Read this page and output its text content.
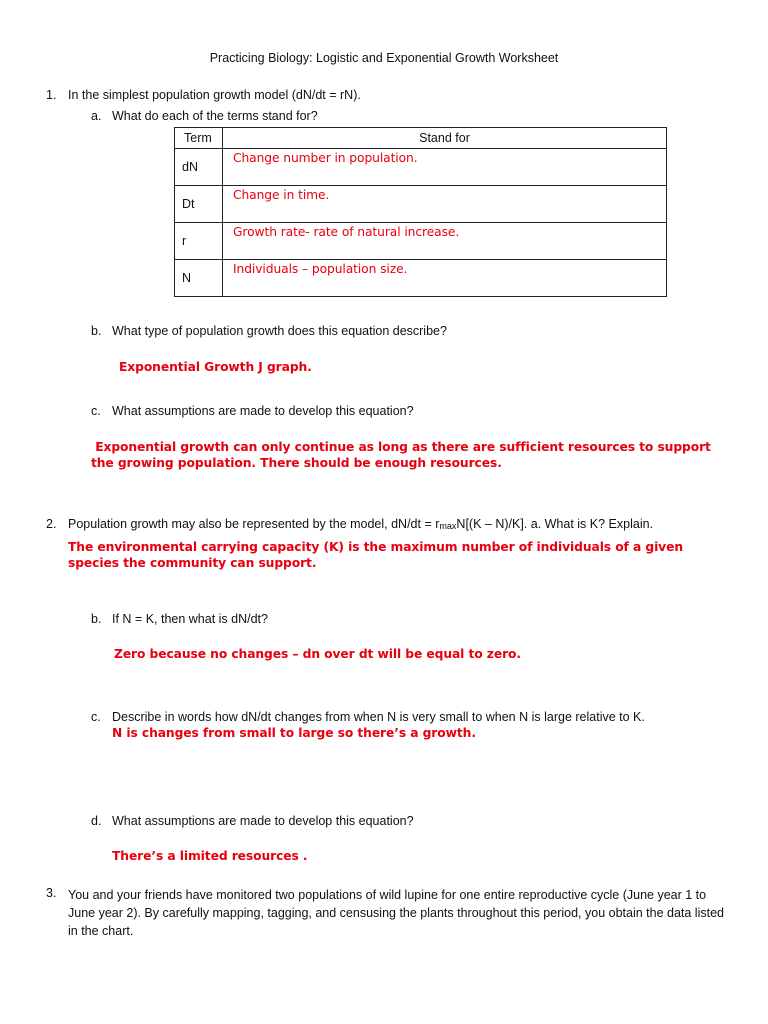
Practicing Biology: Logistic and Exponential Growth Worksheet
1. In the simplest population growth model (dN/dt = rN).
a. What do each of the terms stand for?
Term	Stand for
dN	Change number in population.
Dt	Change in time.
r	Growth rate- rate of natural increase.
N	Individuals – population size.
b. What type of population growth does this equation describe?
Exponential Growth J graph.
c. What assumptions are made to develop this equation?
Exponential growth can only continue as long as there are sufficient resources to support the growing population. There should be enough resources.
2. Population growth may also be represented by the model, $dN/dt = r_{max}N[(K - N)/K]$. a. What is K? Explain.
The environmental carrying capacity (K) is the maximum number of individuals of a given species the community can support.
b. If N = K, then what is dN/dt?
Zero because no changes – dn over dt will be equal to zero.
c. Describe in words how dN/dt changes from when N is very small to when N is large relative to K.
N is changes from small to large so there’s a growth.
d. What assumptions are made to develop this equation?
There’s a limited resources .
3. You and your friends have monitored two populations of wild lupine for one entire reproductive cycle (June year 1 to June year 2). By carefully mapping, tagging, and censusing the plants throughout this period, you obtain the data listed in the chart.
